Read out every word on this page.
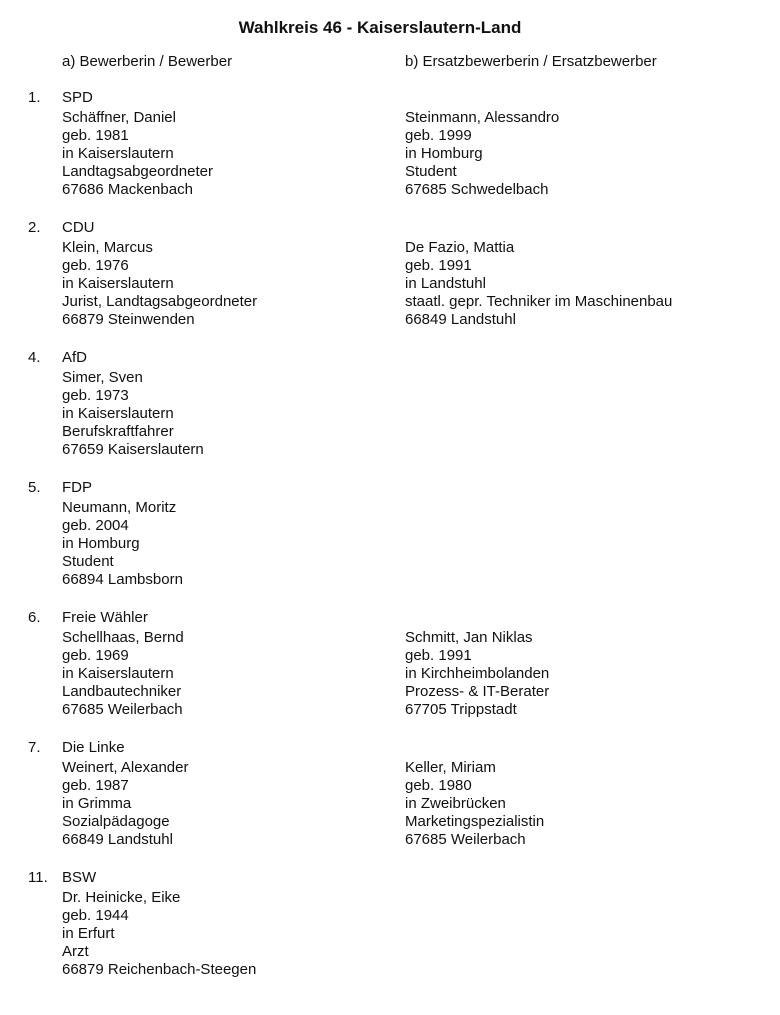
Wahlkreis 46 - Kaiserslautern-Land
a) Bewerberin / Bewerber	b) Ersatzbewerberin / Ersatzbewerber
1. SPD
Schäffner, Daniel
geb. 1981
in Kaiserslautern
Landtagsabgeordneter
67686 Mackenbach
Steinmann, Alessandro
geb. 1999
in Homburg
Student
67685 Schwedelbach
2. CDU
Klein, Marcus
geb. 1976
in Kaiserslautern
Jurist, Landtagsabgeordneter
66879 Steinwenden
De Fazio, Mattia
geb. 1991
in Landstuhl
staatl. gepr. Techniker im Maschinenbau
66849 Landstuhl
4. AfD
Simer, Sven
geb. 1973
in Kaiserslautern
Berufskraftfahrer
67659 Kaiserslautern
5. FDP
Neumann, Moritz
geb. 2004
in Homburg
Student
66894 Lambsborn
6. Freie Wähler
Schellhaas, Bernd
geb. 1969
in Kaiserslautern
Landbautechniker
67685 Weilerbach
Schmitt, Jan Niklas
geb. 1991
in Kirchheimbolanden
Prozess- & IT-Berater
67705 Trippstadt
7. Die Linke
Weinert, Alexander
geb. 1987
in Grimma
Sozialpädagoge
66849 Landstuhl
Keller, Miriam
geb. 1980
in Zweibrücken
Marketingspezialistin
67685 Weilerbach
11. BSW
Dr. Heinicke, Eike
geb. 1944
in Erfurt
Arzt
66879 Reichenbach-Steegen
